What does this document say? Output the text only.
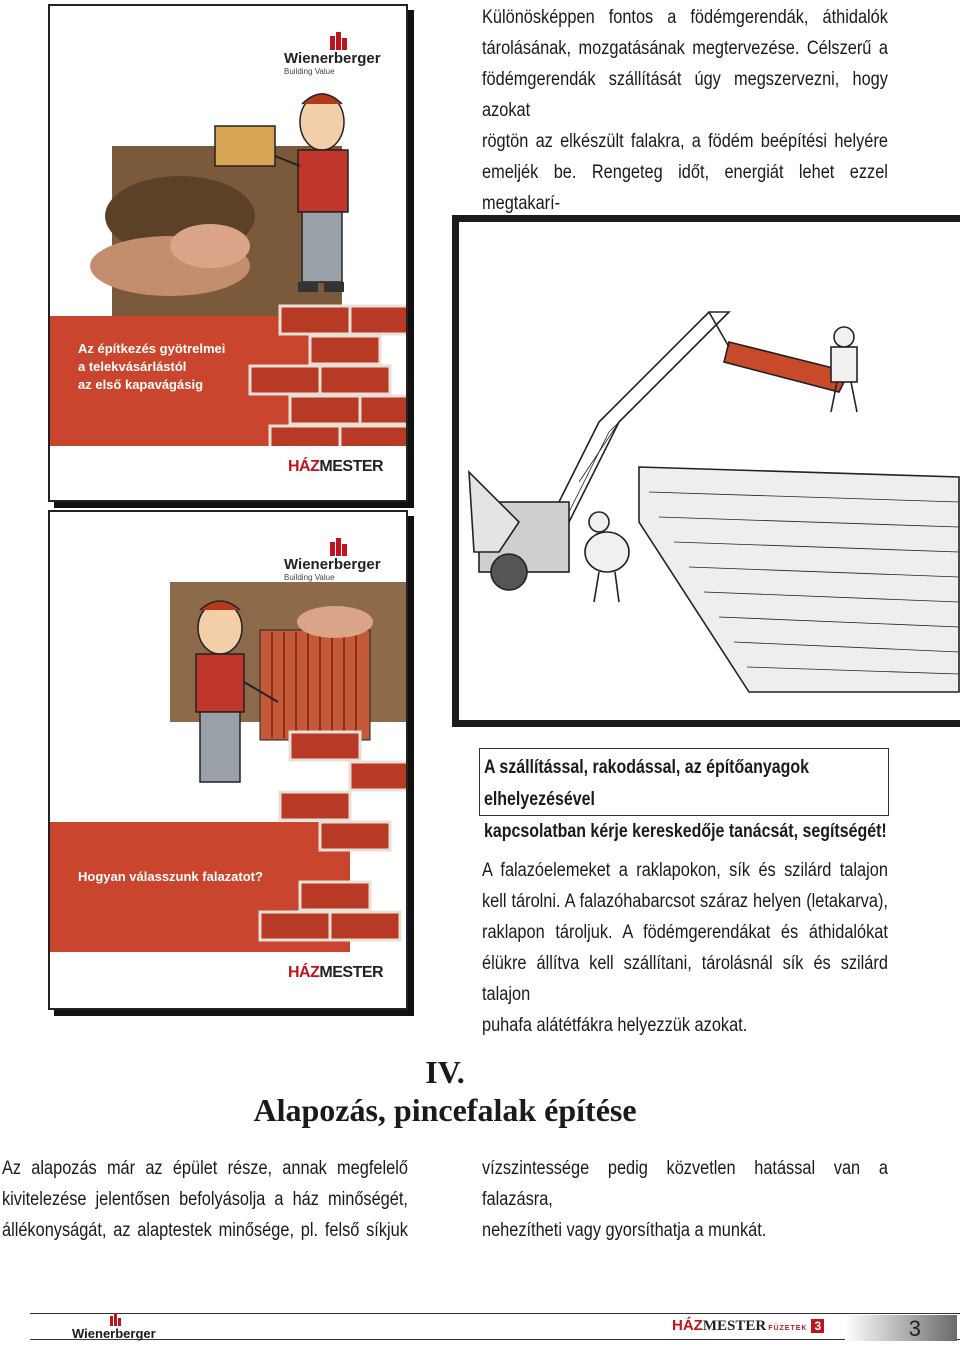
Különösképpen fontos a födémgerendák, áthidalók
tárolásának, mozgatásának megtervezése. Célszerű a
födémgerendák szállítását úgy megszervezni, hogy azokat
rögtön az elkészült falakra, a födém beépítési helyére
emeljék be. Rengeteg időt, energiát lehet ezzel megtakarí-
Wienerberger
Building Value
Az építkezés gyötrelmei
a telekvásárlástól
az első kapavágásig
HÁZMESTER
Wienerberger
Building Value
Hogyan válasszunk falazatot?
HÁZMESTER
A szállítással, rakodással, az építőanyagok elhelyezésével
kapcsolatban kérje kereskedője tanácsát, segítségét!
A falazóelemeket a raklapokon, sík és szilárd talajon
kell tárolni. A falazóhabarcsot száraz helyen (letakarva),
raklapon tároljuk. A födémgerendákat és áthidalókat
élükre állítva kell szállítani, tárolásnál sík és szilárd talajon
puhafa alátétfákra helyezzük azokat.
IV.
Alapozás, pincefalak építése
Az alapozás már az épület része, annak megfelelő
kivitelezése jelentősen befolyásolja a ház minőségét,
állékonyságát, az alaptestek minősége, pl. felső síkjuk
vízszintessége pedig közvetlen hatással van a falazásra,
nehezítheti vagy gyorsíthatja a munkát.
Wienerberger	HÁZMESTER FÜZETEK 3	3
